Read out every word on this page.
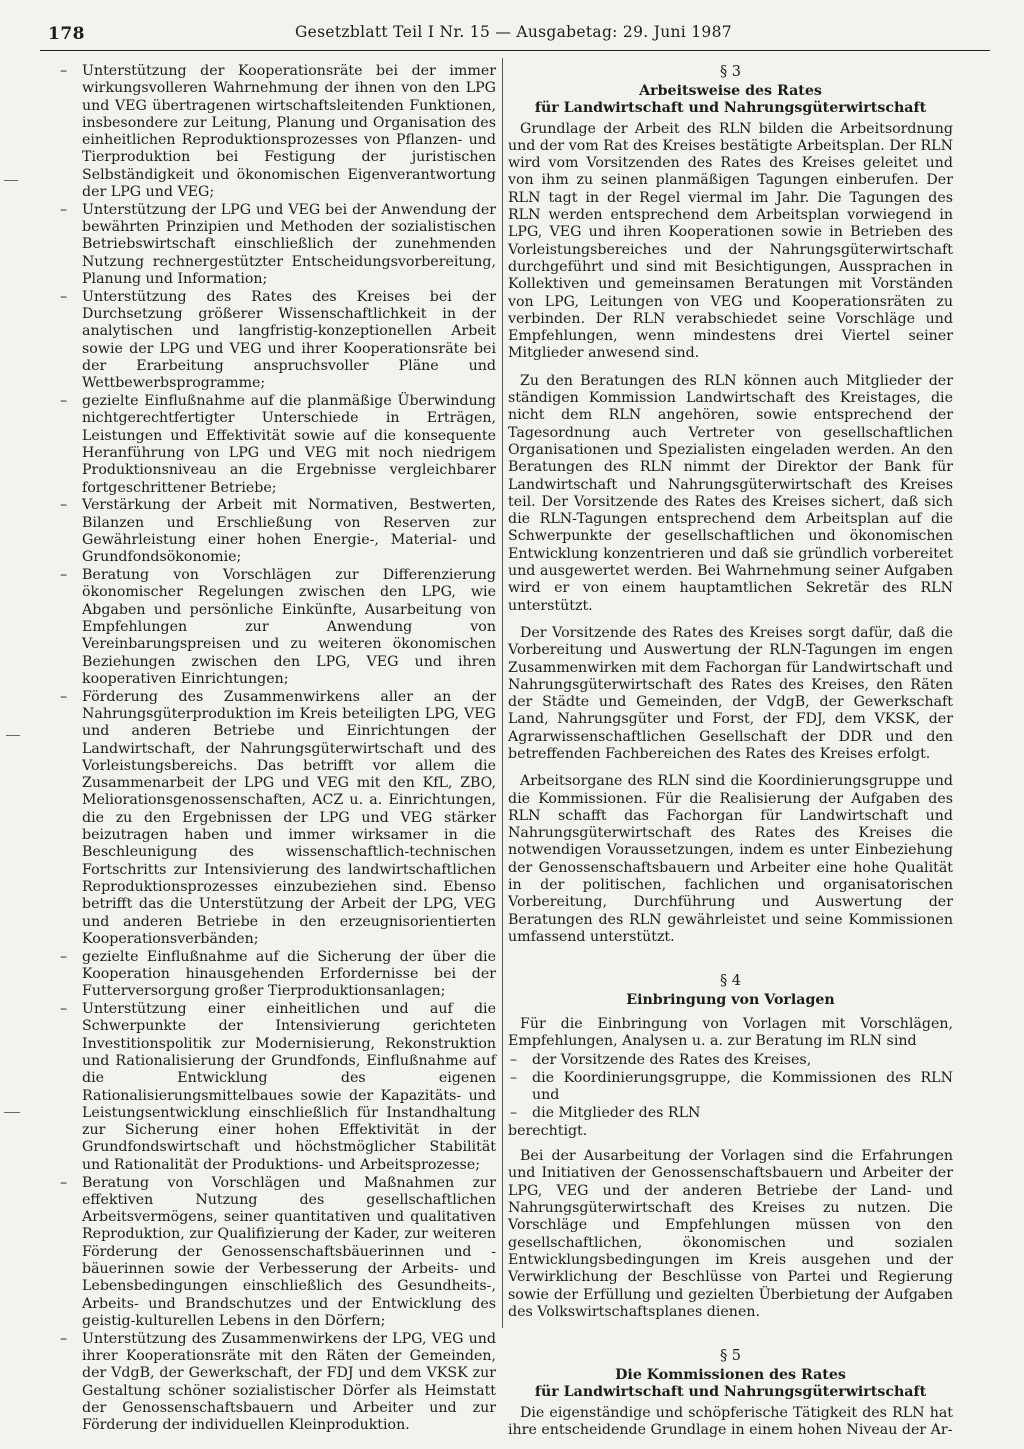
178	Gesetzblatt Teil I Nr. 15 — Ausgabetag: 29. Juni 1987
– Unterstützung der Kooperationsräte bei der immer wirkungsvolleren Wahrnehmung der ihnen von den LPG und VEG übertragenen wirtschaftsleitenden Funktionen, insbesondere zur Leitung, Planung und Organisation des einheitlichen Reproduktionsprozesses von Pflanzen- und Tierproduktion bei Festigung der juristischen Selbständigkeit und ökonomischen Eigenverantwortung der LPG und VEG;
– Unterstützung der LPG und VEG bei der Anwendung der bewährten Prinzipien und Methoden der sozialistischen Betriebswirtschaft einschließlich der zunehmenden Nutzung rechnergestützter Entscheidungsvorbereitung, Planung und Information;
– Unterstützung des Rates des Kreises bei der Durchsetzung größerer Wissenschaftlichkeit in der analytischen und langfristig-konzeptionellen Arbeit sowie der LPG und VEG und ihrer Kooperationsräte bei der Erarbeitung anspruchsvoller Pläne und Wettbewerbsprogramme;
– gezielte Einflußnahme auf die planmäßige Überwindung nichtgerechtfertigter Unterschiede in Erträgen, Leistungen und Effektivität sowie auf die konsequente Heranführung von LPG und VEG mit noch niedrigem Produktionsniveau an die Ergebnisse vergleichbarer fortgeschrittener Betriebe;
– Verstärkung der Arbeit mit Normativen, Bestwerten, Bilanzen und Erschließung von Reserven zur Gewährleistung einer hohen Energie-, Material- und Grundfondsökonomie;
– Beratung von Vorschlägen zur Differenzierung ökonomischer Regelungen zwischen den LPG, wie Abgaben und persönliche Einkünfte, Ausarbeitung von Empfehlungen zur Anwendung von Vereinbarungspreisen und zu weiteren ökonomischen Beziehungen zwischen den LPG, VEG und ihren kooperativen Einrichtungen;
– Förderung des Zusammenwirkens aller an der Nahrungsgüterproduktion im Kreis beteiligten LPG, VEG und anderen Betriebe und Einrichtungen der Landwirtschaft, der Nahrungsgüterwirtschaft und des Vorleistungsbereichs. Das betrifft vor allem die Zusammenarbeit der LPG und VEG mit den KfL, ZBO, Meliorationsgenossenschaften, ACZ u. a. Einrichtungen, die zu den Ergebnissen der LPG und VEG stärker beizutragen haben und immer wirksamer in die Beschleunigung des wissenschaftlich-technischen Fortschritts zur Intensivierung des landwirtschaftlichen Reproduktionsprozesses einzubeziehen sind. Ebenso betrifft das die Unterstützung der Arbeit der LPG, VEG und anderen Betriebe in den erzeugnisorientierten Kooperationsverbänden;
– gezielte Einflußnahme auf die Sicherung der über die Kooperation hinausgehenden Erfordernisse bei der Futterversorgung großer Tierproduktionsanlagen;
– Unterstützung einer einheitlichen und auf die Schwerpunkte der Intensivierung gerichteten Investitionspolitik zur Modernisierung, Rekonstruktion und Rationalisierung der Grundfonds, Einflußnahme auf die Entwicklung des eigenen Rationalisierungsmittelbaues sowie der Kapazitäts- und Leistungsentwicklung einschließlich für Instandhaltung zur Sicherung einer hohen Effektivität in der Grundfondswirtschaft und höchstmöglicher Stabilität und Rationalität der Produktions- und Arbeitsprozesse;
– Beratung von Vorschlägen und Maßnahmen zur effektiven Nutzung des gesellschaftlichen Arbeitsvermögens, seiner quantitativen und qualitativen Reproduktion, zur Qualifizierung der Kader, zur weiteren Förderung der Genossenschaftsbäuerinnen und -bäuerinnen sowie der Verbesserung der Arbeits- und Lebensbedingungen einschließlich des Gesundheits-, Arbeits- und Brandschutzes und der Entwicklung des geistig-kulturellen Lebens in den Dörfern;
– Unterstützung des Zusammenwirkens der LPG, VEG und ihrer Kooperationsräte mit den Räten der Gemeinden, der VdgB, der Gewerkschaft, der FDJ und dem VKSK zur Gestaltung schöner sozialistischer Dörfer als Heimstatt der Genossenschaftsbauern und Arbeiter und zur Förderung der individuellen Kleinproduktion.

§ 3

Arbeitsweise des Rates

für Landwirtschaft und Nahrungsgüterwirtschaft

Grundlage der Arbeit des RLN bilden die Arbeitsordnung und der vom Rat des Kreises bestätigte Arbeitsplan. Der RLN wird vom Vorsitzenden des Rates des Kreises geleitet und von ihm zu seinen planmäßigen Tagungen einberufen. Der RLN tagt in der Regel viermal im Jahr. Die Tagungen des RLN werden entsprechend dem Arbeitsplan vorwiegend in LPG, VEG und ihren Kooperationen sowie in Betrieben des Vorleistungsbereiches und der Nahrungsgüterwirtschaft durchgeführt und sind mit Besichtigungen, Aussprachen in Kollektiven und gemeinsamen Beratungen mit Vorständen von LPG, Leitungen von VEG und Kooperationsräten zu verbinden. Der RLN verabschiedet seine Vorschläge und Empfehlungen, wenn mindestens drei Viertel seiner Mitglieder anwesend sind.

Zu den Beratungen des RLN können auch Mitglieder der ständigen Kommission Landwirtschaft des Kreistages, die nicht dem RLN angehören, sowie entsprechend der Tagesordnung auch Vertreter von gesellschaftlichen Organisationen und Spezialisten eingeladen werden. An den Beratungen des RLN nimmt der Direktor der Bank für Landwirtschaft und Nahrungsgüterwirtschaft des Kreises teil. Der Vorsitzende des Rates des Kreises sichert, daß sich die RLN-Tagungen entsprechend dem Arbeitsplan auf die Schwerpunkte der gesellschaftlichen und ökonomischen Entwicklung konzentrieren und daß sie gründlich vorbereitet und ausgewertet werden. Bei Wahrnehmung seiner Aufgaben wird er von einem hauptamtlichen Sekretär des RLN unterstützt.

Der Vorsitzende des Rates des Kreises sorgt dafür, daß die Vorbereitung und Auswertung der RLN-Tagungen im engen Zusammenwirken mit dem Fachorgan für Landwirtschaft und Nahrungsgüterwirtschaft des Rates des Kreises, den Räten der Städte und Gemeinden, der VdgB, der Gewerkschaft Land, Nahrungsgüter und Forst, der FDJ, dem VKSK, der Agrarwissenschaftlichen Gesellschaft der DDR und den betreffenden Fachbereichen des Rates des Kreises erfolgt.

Arbeitsorgane des RLN sind die Koordinierungsgruppe und die Kommissionen. Für die Realisierung der Aufgaben des RLN schafft das Fachorgan für Landwirtschaft und Nahrungsgüterwirtschaft des Rates des Kreises die notwendigen Voraussetzungen, indem es unter Einbeziehung der Genossenschaftsbauern und Arbeiter eine hohe Qualität in der politischen, fachlichen und organisatorischen Vorbereitung, Durchführung und Auswertung der Beratungen des RLN gewährleistet und seine Kommissionen umfassend unterstützt.

§ 4

Einbringung von Vorlagen

Für die Einbringung von Vorlagen mit Vorschlägen, Empfehlungen, Analysen u. a. zur Beratung im RLN sind

– der Vorsitzende des Rates des Kreises,
– die Koordinierungsgruppe, die Kommissionen des RLN und
– die Mitglieder des RLN

berechtigt.

Bei der Ausarbeitung der Vorlagen sind die Erfahrungen und Initiativen der Genossenschaftsbauern und Arbeiter der LPG, VEG und der anderen Betriebe der Land- und Nahrungsgüterwirtschaft des Kreises zu nutzen. Die Vorschläge und Empfehlungen müssen von den gesellschaftlichen, ökonomischen und sozialen Entwicklungsbedingungen im Kreis ausgehen und der Verwirklichung der Beschlüsse von Partei und Regierung sowie der Erfüllung und gezielten Überbietung der Aufgaben des Volkswirtschaftsplanes dienen.

§ 5

Die Kommissionen des Rates

für Landwirtschaft und Nahrungsgüterwirtschaft

Die eigenständige und schöpferische Tätigkeit des RLN hat ihre entscheidende Grundlage in einem hohen Niveau der Ar-
